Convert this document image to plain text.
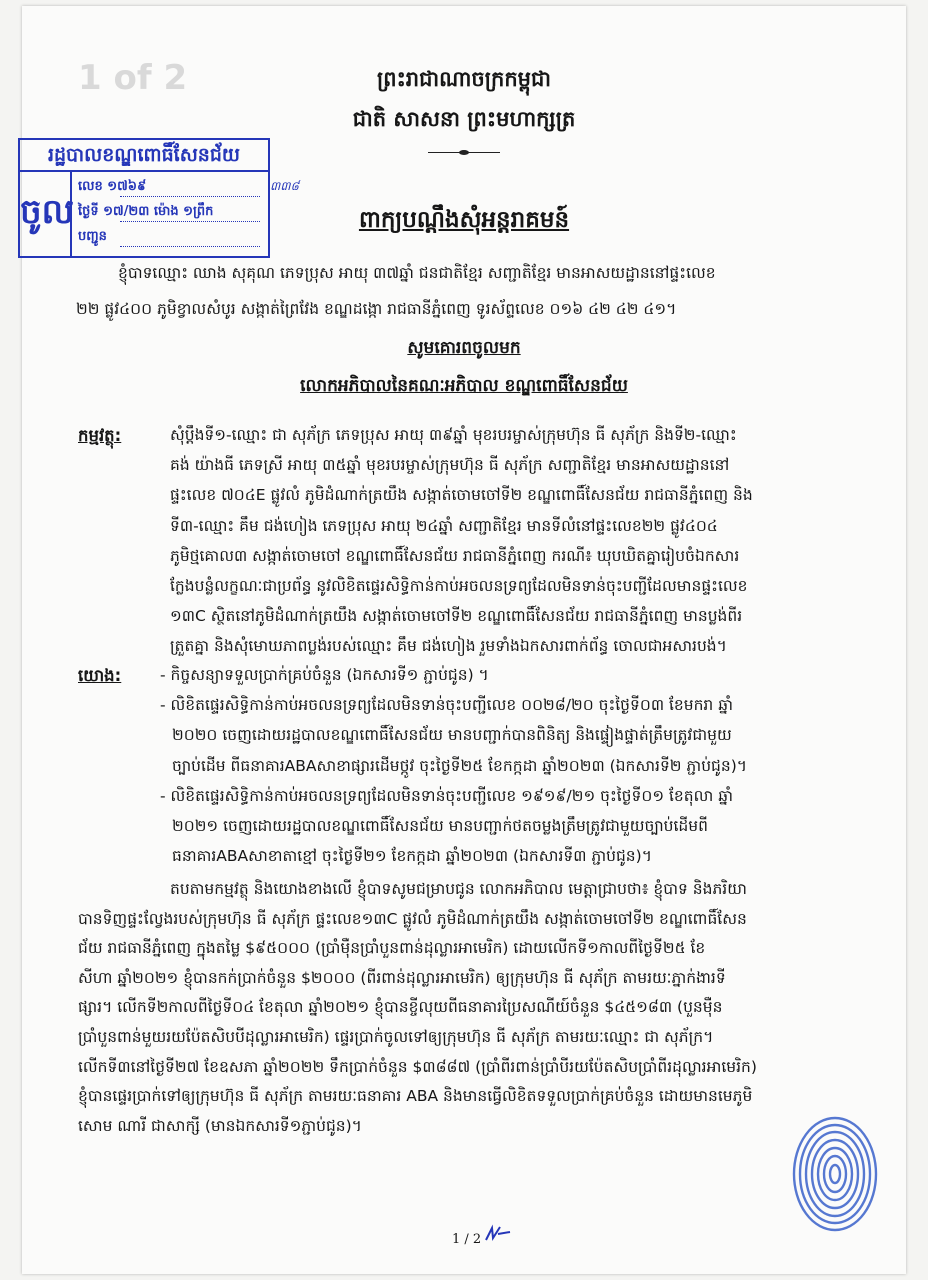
1 of 2	ព្រះរាជាណាចក្រកម្ពុជា
ជាតិ សាសនា ព្រះមហាក្សត្រ
រដ្ឋបាលខណ្ឌពោធិ៍សែនជ័យ
ចូល
លេខ ១៧៦៩
ថ្ងៃទី ១៧/២៣ ម៉ោង ១ព្រឹក
បញ្ជូន
៣៣៨
ពាក្យបណ្តឹងសុំអន្តរាគមន៍
ខ្ញុំបាទឈ្មោះ ឈាង សុគុណ ភេទប្រុស អាយុ ៣៧ឆ្នាំ ជនជាតិខ្មែរ សញ្ជាតិខ្មែរ មានអាសយដ្ឋាននៅផ្ទះលេខ
២២ ផ្លូវ៤០០ ភូមិខ្វាលសំបូរ សង្កាត់ព្រៃវែង ខណ្ឌដង្កោ រាជធានីភ្នំពេញ ទូរស័ព្ទលេខ ០១៦ ៤២ ៤២ ៤១។
សូមគោរពចូលមក
លោកអភិបាលនៃគណៈអភិបាល ខណ្ឌពោធិ៍សែនជ័យ
កម្មវត្ថុ:	សុំប្តឹងទី១-ឈ្មោះ ជា សុភ័ក្រ ភេទប្រុស អាយុ ៣៩ឆ្នាំ មុខរបរម្ចាស់ក្រុមហ៊ុន ធី សុភ័ក្រ និងទី២-ឈ្មោះ
គង់ យ៉ាងធី ភេទស្រី អាយុ ៣៥ឆ្នាំ មុខរបរម្ចាស់ក្រុមហ៊ុន ធី សុភ័ក្រ សញ្ជាតិខ្មែរ មានអាសយដ្ឋាននៅ
ផ្ទះលេខ ៧០៤E ផ្លូវលំ ភូមិដំណាក់ត្រយឹង សង្កាត់ចោមចៅទី២ ខណ្ឌពោធិ៍សែនជ័យ រាជធានីភ្នំពេញ និង
ទី៣-ឈ្មោះ គឹម ជង់ហៀង ភេទប្រុស អាយុ ២៤ឆ្នាំ សញ្ជាតិខ្មែរ មានទីលំនៅផ្ទះលេខ២២ ផ្លូវ៤០៤
ភូមិថ្មគោល៣ សង្កាត់ចោមចៅ ខណ្ឌពោធិ៍សែនជ័យ រាជធានីភ្នំពេញ ករណី៖ ឃុបឃិតគ្នារៀបចំឯកសារ
ក្លែងបន្លំលក្ខណៈជាប្រព័ន្ធ នូវលិខិតផ្ទេរសិទ្ធិកាន់កាប់អចលនទ្រព្យដែលមិនទាន់ចុះបញ្ជីដែលមានផ្ទះលេខ
១៣C ស្ថិតនៅភូមិដំណាក់ត្រយឹង សង្កាត់ចោមចៅទី២ ខណ្ឌពោធិ៍សែនជ័យ រាជធានីភ្នំពេញ មានប្លង់ពីរ
ត្រួតគ្នា និងសុំមោឃភាពប្លង់របស់ឈ្មោះ គឹម ជង់ហៀង រួមទាំងឯកសារពាក់ព័ន្ធ ចោលជាអសារបង់។
យោង: - កិច្ចសន្យាទទួលប្រាក់គ្រប់ចំនួន (ឯកសារទី១ ភ្ជាប់ជូន) ។
- លិខិតផ្ទេរសិទ្ធិកាន់កាប់អចលនទ្រព្យដែលមិនទាន់ចុះបញ្ជីលេខ ០០២៨/២០ ចុះថ្ងៃទី០៣ ខែមករា ឆ្នាំ
២០២០ ចេញដោយរដ្ឋបាលខណ្ឌពោធិ៍សែនជ័យ មានបញ្ជាក់បានពិនិត្យ និងផ្ទៀងផ្ទាត់ត្រឹមត្រូវជាមួយ
ច្បាប់ដើម ពីធនាគារABAសាខាផ្សារដើមថ្កូវ ចុះថ្ងៃទី២៥ ខែកក្កដា ឆ្នាំ២០២៣ (ឯកសារទី២ ភ្ជាប់ជូន)។
- លិខិតផ្ទេរសិទ្ធិកាន់កាប់អចលនទ្រព្យដែលមិនទាន់ចុះបញ្ជីលេខ ១៩១៩/២១ ចុះថ្ងៃទី០១ ខែតុលា ឆ្នាំ
២០២១ ចេញដោយរដ្ឋបាលខណ្ឌពោធិ៍សែនជ័យ មានបញ្ជាក់ថតចម្លងត្រឹមត្រូវជាមួយច្បាប់ដើមពី
ធនាគារABAសាខាតាខ្មៅ ចុះថ្ងៃទី២១ ខែកក្កដា ឆ្នាំ២០២៣ (ឯកសារទី៣ ភ្ជាប់ជូន)។
តបតាមកម្មវត្ថុ និងយោងខាងលើ ខ្ញុំបាទសូមជម្រាបជូន លោកអភិបាល មេត្តាជ្រាបថា៖ ខ្ញុំបាទ និងភរិយា
បានទិញផ្ទះល្វែងរបស់ក្រុមហ៊ុន ធី សុភ័ក្រ ផ្ទះលេខ១៣C ផ្លូវលំ ភូមិដំណាក់ត្រយឹង សង្កាត់ចោមចៅទី២ ខណ្ឌពោធិ៍សែន
ជ័យ រាជធានីភ្នំពេញ ក្នុងតម្លៃ $៩៥០០០ (ប្រាំម៉ឺនប្រាំបួនពាន់ដុល្លារអាមេរិក) ដោយលើកទី១កាលពីថ្ងៃទី២៥ ខែ
សីហា ឆ្នាំ២០២១ ខ្ញុំបានកក់ប្រាក់ចំនួន $២០០០ (ពីរពាន់ដុល្លារអាមេរិក) ឲ្យក្រុមហ៊ុន ធី សុភ័ក្រ តាមរយៈភ្នាក់ងារទី
ផ្សារ។ លើកទី២កាលពីថ្ងៃទី០៤ ខែតុលា ឆ្នាំ២០២១ ខ្ញុំបានខ្ចីលុយពីធនាគារប្រៃសណីយ៍ចំនួន $៤៥១៨៣ (បួនម៉ឺន
ប្រាំបួនពាន់មួយរយប៉ែតសិបបីដុល្លារអាមេរិក) ផ្ទេរប្រាក់ចូលទៅឲ្យក្រុមហ៊ុន ធី សុភ័ក្រ តាមរយៈឈ្មោះ ជា សុភ័ក្រ។
លើកទី៣នៅថ្ងៃទី២៧ ខែឧសភា ឆ្នាំ២០២២ ទឹកប្រាក់ចំនួន $៣៨៨៧ (ប្រាំពីរពាន់ប្រាំបីរយប៉ែតសិបប្រាំពីរដុល្លារអាមេរិក)
ខ្ញុំបានផ្ទេរប្រាក់ទៅឲ្យក្រុមហ៊ុន ធី សុភ័ក្រ តាមរយៈធនាគារ ABA និងមានធ្វើលិខិតទទួលប្រាក់គ្រប់ចំនួន ដោយមានមេភូមិ
សោម ណារី ជាសាក្សី (មានឯកសារទី១ភ្ជាប់ជូន)។
1 / 2
